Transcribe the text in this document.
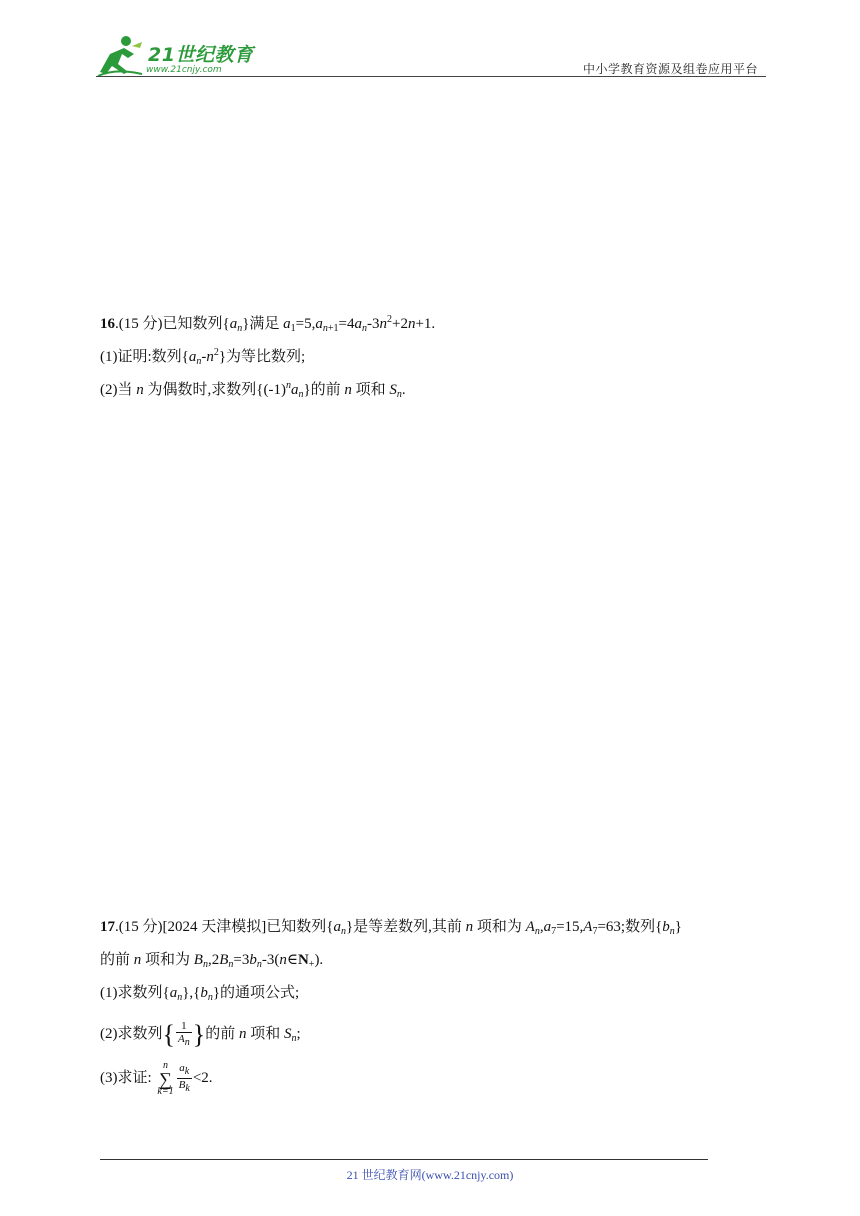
21世纪教育
www.21cnjy.com	中小学教育资源及组卷应用平台
16.(15 分)已知数列$\{a_n\}$满足 $a_1=5,a_{n+1}=4a_n-3n^2+2n+1$.
(1)证明:数列$\{a_n-n^2\}$为等比数列;
(2)当 n 为偶数时,求数列$\{(-1)^na_n\}$的前 n 项和 $S_n$.
17.(15 分)[2024 天津模拟]已知数列$\{a_n\}$是等差数列,其前 n 项和为 $A_n,a_7=15,A_7=63$;数列$\{b_n\}$
的前 n 项和为 $B_n,2B_n=3b_n-3(n\in N_+)$.
(1)求数列$\{a_n\},\{b_n\}$的通项公式;
(2)求数列{ $\frac{1}{A_n}$ }的前 n 项和 $S_n$;
(3)求证:
n
∑
$k=1 \frac{a_k}{B_k} <2$.
21 世纪教育网(www.21cnjy.com)
